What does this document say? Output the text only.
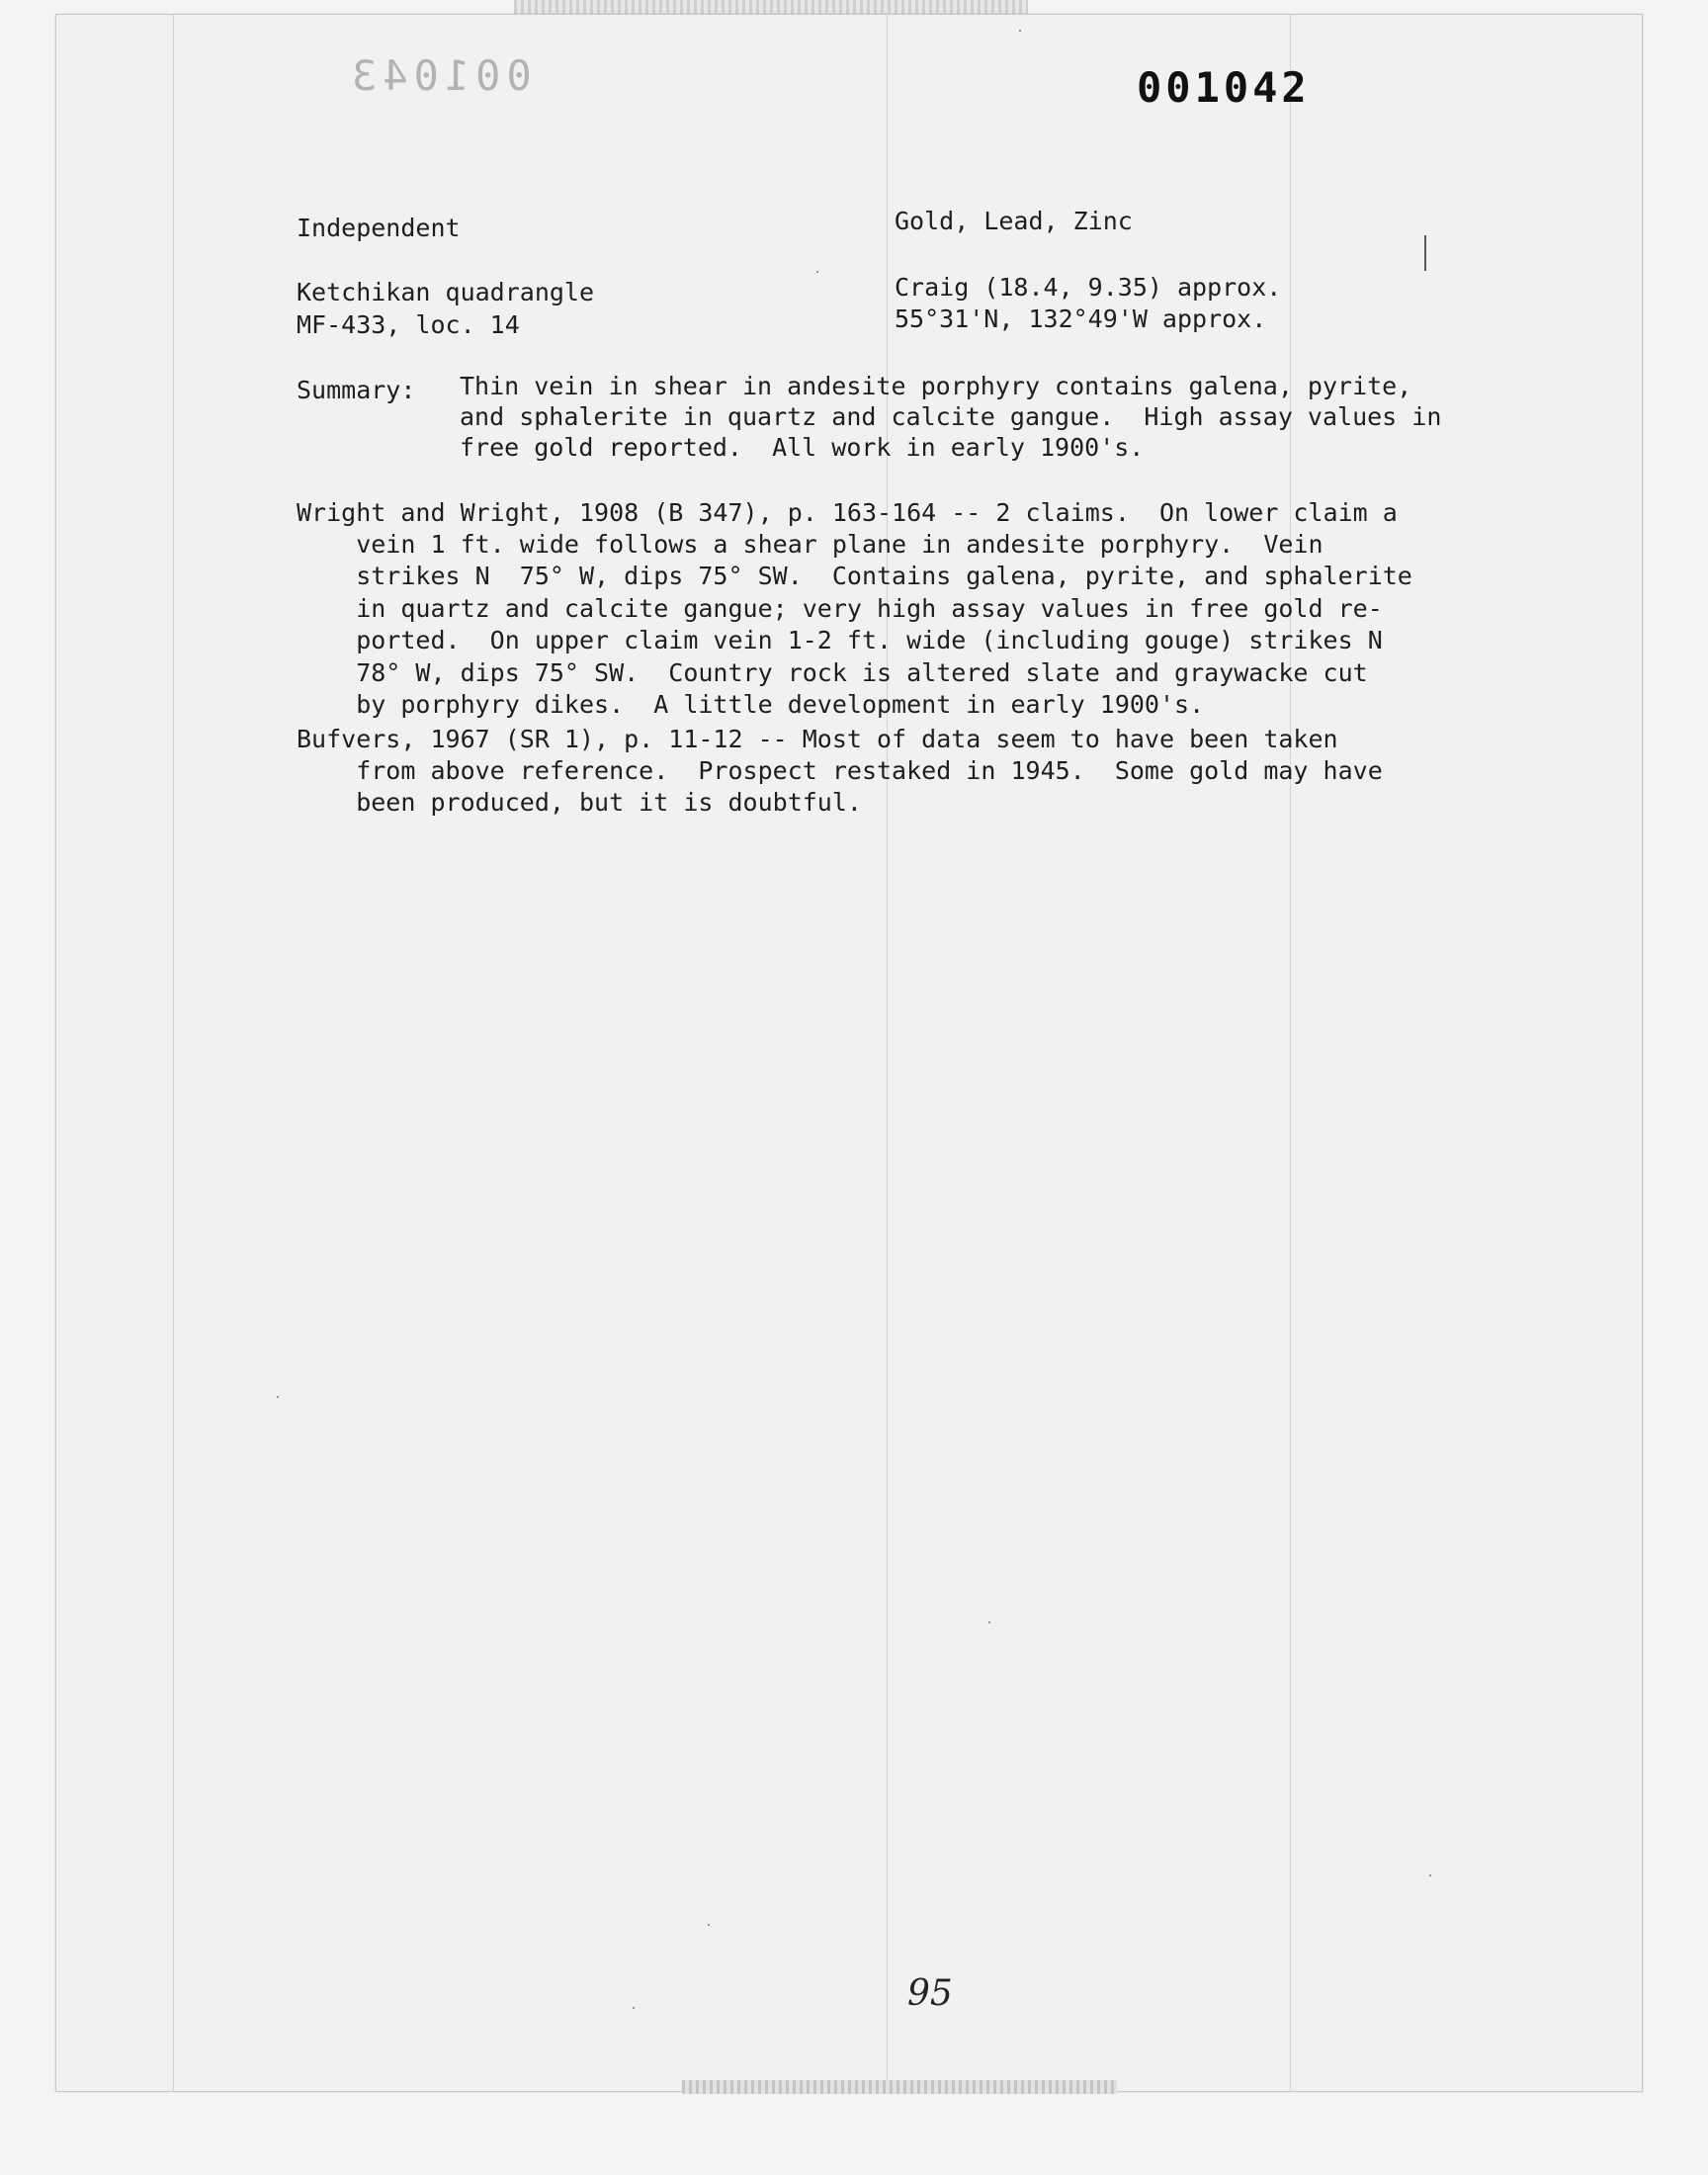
001043	001042
Independent	Gold, Lead, Zinc
Ketchikan quadrangle
MF-433, loc. 14
Craig (18.4, 9.35) approx.
55°31'N, 132°49'W approx.
Summary: Thin vein in shear in andesite porphyry contains galena, pyrite,
and sphalerite in quartz and calcite gangue.  High assay values in
free gold reported.  All work in early 1900's.
Wright and Wright, 1908 (B 347), p. 163-164 -- 2 claims.  On lower claim a
vein 1 ft. wide follows a shear plane in andesite porphyry.  Vein
strikes N  75° W, dips 75° SW.  Contains galena, pyrite, and sphalerite
in quartz and calcite gangue; very high assay values in free gold re-
ported.  On upper claim vein 1-2 ft. wide (including gouge) strikes N
78° W, dips 75° SW.  Country rock is altered slate and graywacke cut
by porphyry dikes.  A little development in early 1900's.
Bufvers, 1967 (SR 1), p. 11-12 -- Most of data seem to have been taken
from above reference.  Prospect restaked in 1945.  Some gold may have
been produced, but it is doubtful.
95
